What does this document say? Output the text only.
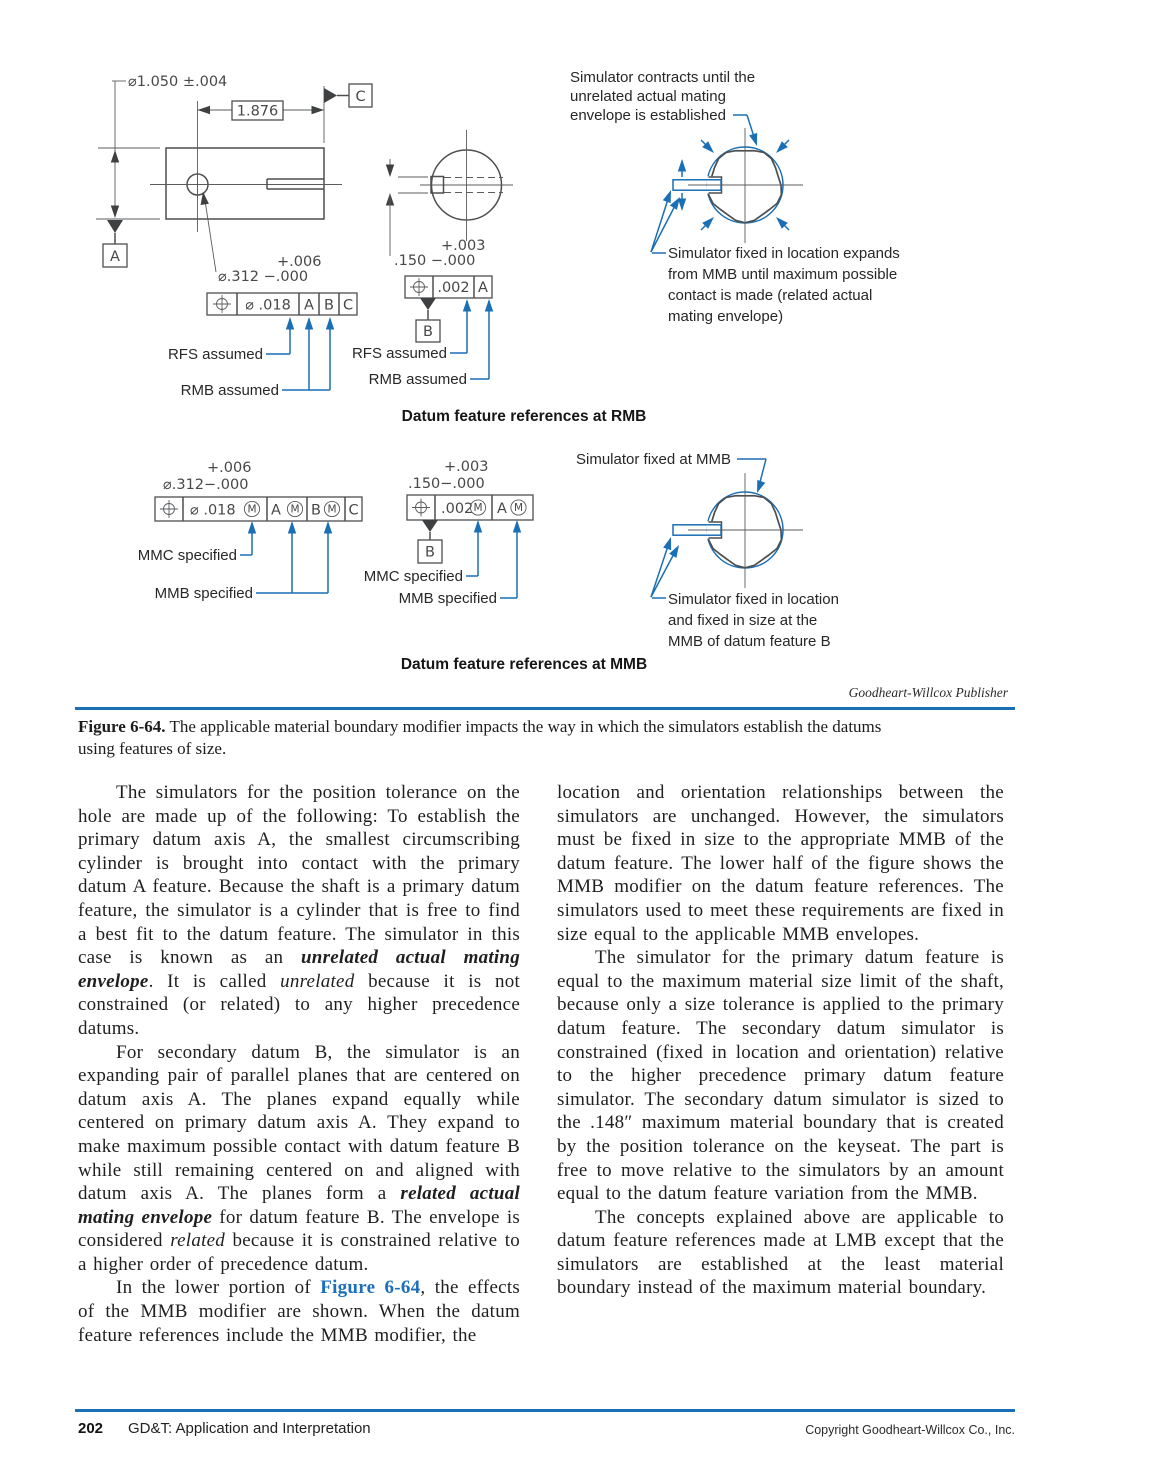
⌀1.050 ±.004
A
1.876
C
+.006
⌀.312 −.000
⌀ .018 A B C
RFS assumed
RMB assumed
+.003
.150 −.000
.002 A
B
RFS assumed
RMB assumed
Simulator contracts until the
unrelated actual mating
envelope is established
Simulator fixed in location expands
from MMB until maximum possible
contact is made (related actual
mating envelope)
Datum feature references at RMB
+.006
⌀.312−.000
⌀ .018 M A M B M C
MMC specified
MMB specified
+.003
.150−.000
.002 M A M
B
MMC specified
MMB specified
Simulator fixed at MMB
Simulator fixed in location
and fixed in size at the
MMB of datum feature B
Datum feature references at MMB
Goodheart-Willcox Publisher
Figure 6-64. The applicable material boundary modifier impacts the way in which the simulators establish the datums using features of size.

The simulators for the position tolerance on the hole are made up of the following: To establish the primary datum axis A, the smallest circumscribing cylinder is brought into contact with the primary datum A feature. Because the shaft is a primary datum feature, the simulator is a cylinder that is free to find a best fit to the datum feature. The simulator in this case is known as an unrelated actual mating envelope. It is called unrelated because it is not constrained (or related) to any higher precedence datums.

For secondary datum B, the simulator is an expanding pair of parallel planes that are centered on datum axis A. The planes expand equally while centered on primary datum axis A. They expand to make maximum possible contact with datum feature B while still remaining centered on and aligned with datum axis A. The planes form a related actual mating envelope for datum feature B. The envelope is considered related because it is constrained relative to a higher order of precedence datum.

In the lower portion of Figure 6-64, the effects of the MMB modifier are shown. When the datum feature references include the MMB modifier, the

location and orientation relationships between the simulators are unchanged. However, the simulators must be fixed in size to the appropriate MMB of the datum feature. The lower half of the figure shows the MMB modifier on the datum feature references. The simulators used to meet these requirements are fixed in size equal to the applicable MMB envelopes.

The simulator for the primary datum feature is equal to the maximum material size limit of the shaft, because only a size tolerance is applied to the primary datum feature. The secondary datum simulator is constrained (fixed in location and orientation) relative to the higher precedence primary datum feature simulator. The secondary datum simulator is sized to the .148″ maximum material boundary that is created by the position tolerance on the keyseat. The part is free to move relative to the simulators by an amount equal to the datum feature variation from the MMB.

The concepts explained above are applicable to datum feature references made at LMB except that the simulators are established at the least material boundary instead of the maximum material boundary.

202 GD&T: Application and Interpretation	Copyright Goodheart-Willcox Co., Inc.
